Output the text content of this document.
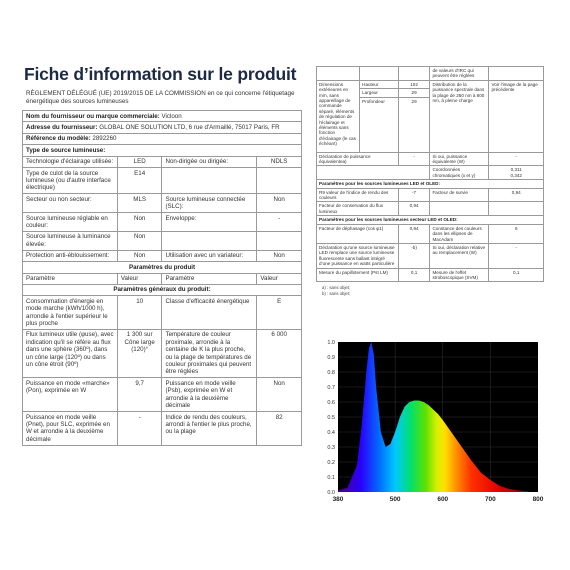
Fiche d’information sur le produit
RÈGLEMENT DÉLÉGUÉ (UE) 2019/2015 DE LA COMMISSION en ce qui concerne l'étiquetage énergétique des sources lumineuses
Nom du fournisseur ou marque commerciale: Vicloon			
Adresse du fournisseur: GLOBAL ONE SOLUTION LTD, 6 rue d'Armaillé, 75017 Paris, FR			
Référence du modèle: 2892260			
Type de source lumineuse:			
Technologie d'éclairage utilisée:	LED	Non-dirigée ou dirigée:	NDLS
Type de culot de la source lumineuse (ou d'autre interface électrique)	E14		
Secteur ou non secteur:	MLS	Source lumineuse connectée (SLC):	Non
Source lumineuse réglable en couleur:	Non	Enveloppe:	-
Source lumineuse à luminance élevée:	Non		
Protection anti-éblouissement:	Non	Utilisation avec un variateur:	Non
Paramètres du produit			
Paramètre	Valeur	Paramètre	Valeur
Paramètres généraux du produit:			
Consommation d'énergie en mode marche (kWh/1000 h), arrondie à l'entier supérieur le plus proche	10	Classe d'efficacité énergétique	E
Flux lumineux utile (φuse), avec indication qu'il se réfère au flux dans une sphère (360º), dans un cône large (120º) ou dans un cône étroit (90º)	1 300 sur Cône large (120)°	Température de couleur proximale, arrondie à la centaine de K la plus proche, ou la plage de températures de couleur proximales qui peuvent être réglées	6 000
Puissance en mode «marche» (Pon), exprimée en W	9,7	Puissance en mode veille (Psb), exprimée en W et arrondie à la deuxième décimale	Non
Puissance en mode veille (Pnet), pour SLC, exprimée en W et arrondie à la deuxième décimale	-	Indice de rendu des couleurs, arrondi à l'entier le plus proche, ou la plage	82
			de valeurs d'IRC qui peuvent être réglées	
Dimensions extérieures en mm, sans appareillage de commande séparé, éléments de régulation de l'éclairage et éléments sans fonction d'éclairage (le cas échéant)	Hauteur	102	Distribution de la puissance spectrale dans la plage de 250 nm à 800 nm, à pleine charge	Voir l'image de la page précédente
	Largeur	29		
	Profondeur	29		
Déclaration de puissance équivalentea)		-	Si oui, puissance équivalente (W)	-
			Coordonnées chromatiques (x et y)	0,311
0,342

Paramètres pour les sources lumineuses LED et OLED:				
R9 valeur de l'indice de rendu des couleurs		-7	Facteur de survie	0,94
Facteur de conservation du flux lumineux		0,94		
Paramètres pour les sources lumineuses secteur LED et OLED:				
Facteur de déphasage (cos φ1)		0,94	Constance des couleurs dans les ellipses de MacAdam	6
Déclaration qu’une source lumineuse LED remplace une source lumineuse fluorescente sans ballast intégré d’une puissance en watts particulière		-b)	Si oui, déclaration relative au remplacement (W)	-
Mesure du papillotement (Pst LM)		0,1	Mesure de l'effet stroboscopique (SVM)	0,1
a) : sans objet;
b) : sans objet;
0.0
0.1
0.2
0.3
0.4
0.5
0.6
0.7
0.8
0.9
1.0
380	500	600	700	800
